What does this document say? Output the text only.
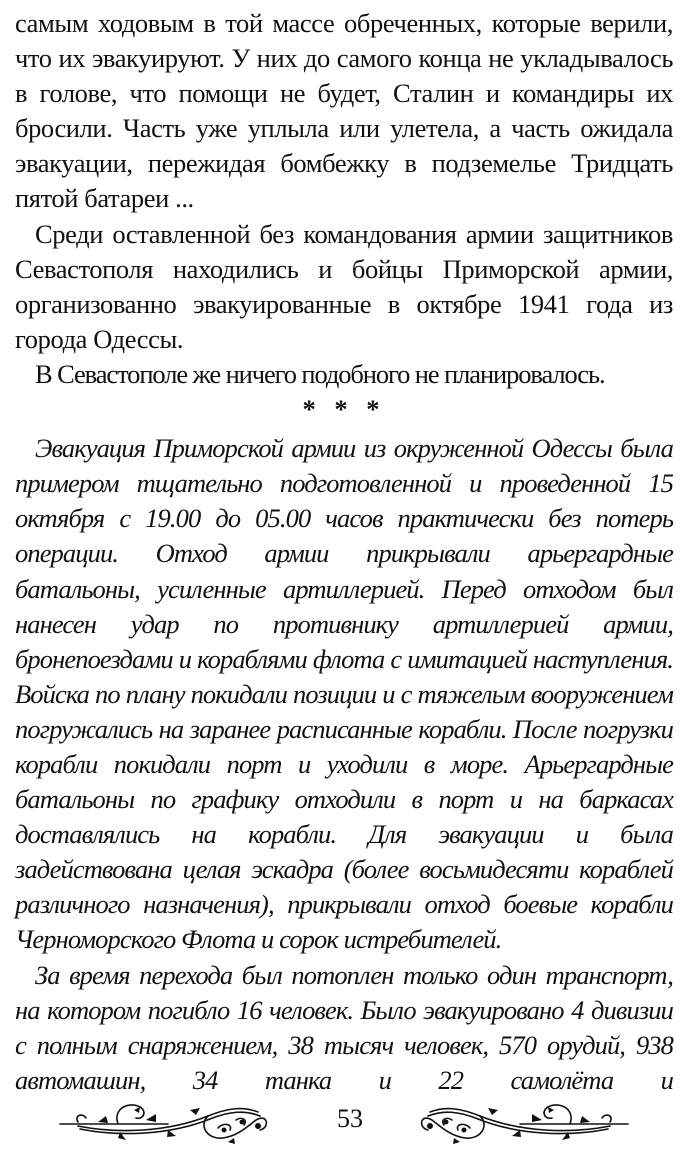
самым ходовым в той массе обреченных, которые верили, что их эвакуируют. У них до самого конца не укладывалось в голове, что помощи не будет, Сталин и командиры их бросили. Часть уже уплыла или улетела, а часть ожидала эвакуации, пережидая бомбежку в подземелье Тридцать пятой батареи ...

Среди оставленной без командования армии защитников Севастополя находились и бойцы Приморской армии, организованно эвакуированные в октябре 1941 года из города Одессы.

В Севастополе же ничего подобного не планировалось.

* * *

Эвакуация Приморской армии из окруженной Одессы была примером тщательно подготовленной и проведенной 15 октября с 19.00 до 05.00 часов практически без потерь операции. Отход армии прикрывали арьергардные батальоны, усиленные артиллерией. Перед отходом был нанесен удар по противнику артиллерией армии, бронепоездами и кораблями флота с имитацией наступления. Войска по плану покидали позиции и с тяжелым вооружением погружались на заранее расписанные корабли. После погрузки корабли покидали порт и уходили в море. Арьергардные батальоны по графику отходили в порт и на баркасах доставлялись на корабли. Для эвакуации и была задействована целая эскадра (более восьмидесяти кораблей различного назначения), прикрывали отход боевые корабли Черноморского Флота и сорок истребителей.

За время перехода был потоплен только один транспорт, на котором погибло 16 человек. Было эвакуировано 4 дивизии с полным снаряжением, 38 тысяч человек, 570 орудий, 938 автомашин, 34 танка и 22 самолёта и

53
